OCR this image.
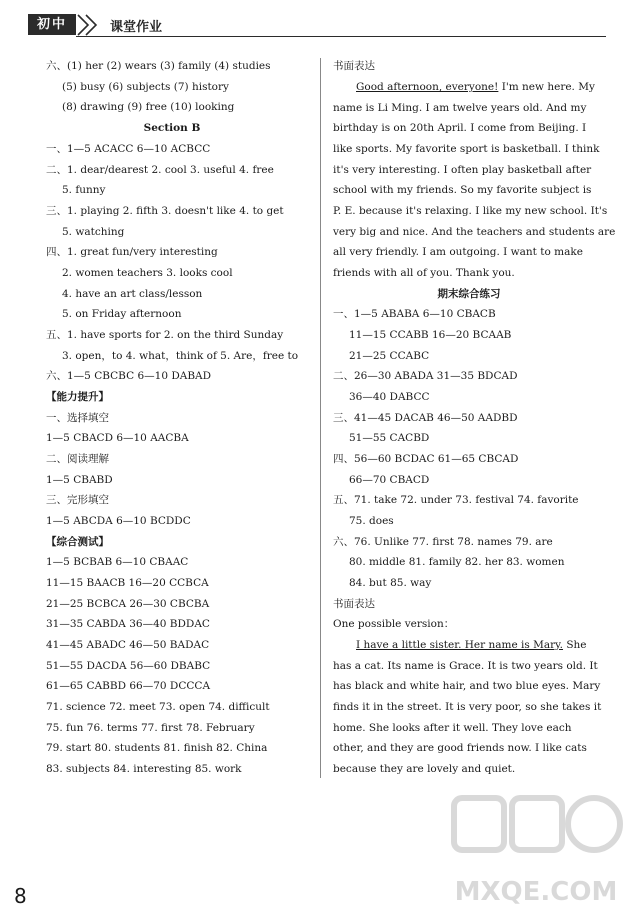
初中	课堂作业
六、(1) her (2) wears (3) family (4) studies
(5) busy (6) subjects (7) history
(8) drawing (9) free (10) looking
Section B
一、1—5 ACACC 6—10 ACBCC
二、1. dear/dearest 2. cool 3. useful 4. free
5. funny
三、1. playing 2. fifth 3. doesn't like 4. to get
5. watching
四、1. great fun/very interesting
2. women teachers 3. looks cool
4. have an art class/lesson
5. on Friday afternoon
五、1. have sports for 2. on the third Sunday
3. open，to 4. what，think of 5. Are，free to
六、1—5 CBCBC 6—10 DABAD
【能力提升】
一、选择填空
1—5 CBACD 6—10 AACBA
二、阅读理解
1—5 CBABD
三、完形填空
1—5 ABCDA 6—10 BCDDC
【综合测试】
1—5 BCBAB 6—10 CBAAC
11—15 BAACB 16—20 CCBCA
21—25 BCBCA 26—30 CBCBA
31—35 CABDA 36—40 BDDAC
41—45 ABADC 46—50 BADAC
51—55 DACDA 56—60 DBABC
61—65 CABBD 66—70 DCCCA
71. science 72. meet 73. open 74. difficult
75. fun 76. terms 77. first 78. February
79. start 80. students 81. finish 82. China
83. subjects 84. interesting 85. work
书面表达
Good afternoon, everyone! I'm new here. My
name is Li Ming. I am twelve years old. And my
birthday is on 20th April. I come from Beijing. I
like sports. My favorite sport is basketball. I think
it's very interesting. I often play basketball after
school with my friends. So my favorite subject is
P. E. because it's relaxing. I like my new school. It's
very big and nice. And the teachers and students are
all very friendly. I am outgoing. I want to make
friends with all of you. Thank you.
期末综合练习
一、1—5 ABABA 6—10 CBACB
11—15 CCABB 16—20 BCAAB
21—25 CCABC
二、26—30 ABADA 31—35 BDCAD
36—40 DABCC
三、41—45 DACAB 46—50 AADBD
51—55 CACBD
四、56—60 BCDAC 61—65 CBCAD
66—70 CBACD
五、71. take 72. under 73. festival 74. favorite
75. does
六、76. Unlike 77. first 78. names 79. are
80. middle 81. family 82. her 83. women
84. but 85. way
书面表达
One possible version：
I have a little sister. Her name is Mary. She
has a cat. Its name is Grace. It is two years old. It
has black and white hair, and two blue eyes. Mary
finds it in the street. It is very poor, so she takes it
home. She looks after it well. They love each
other, and they are good friends now. I like cats
because they are lovely and quiet.
8	MXQE.COM
